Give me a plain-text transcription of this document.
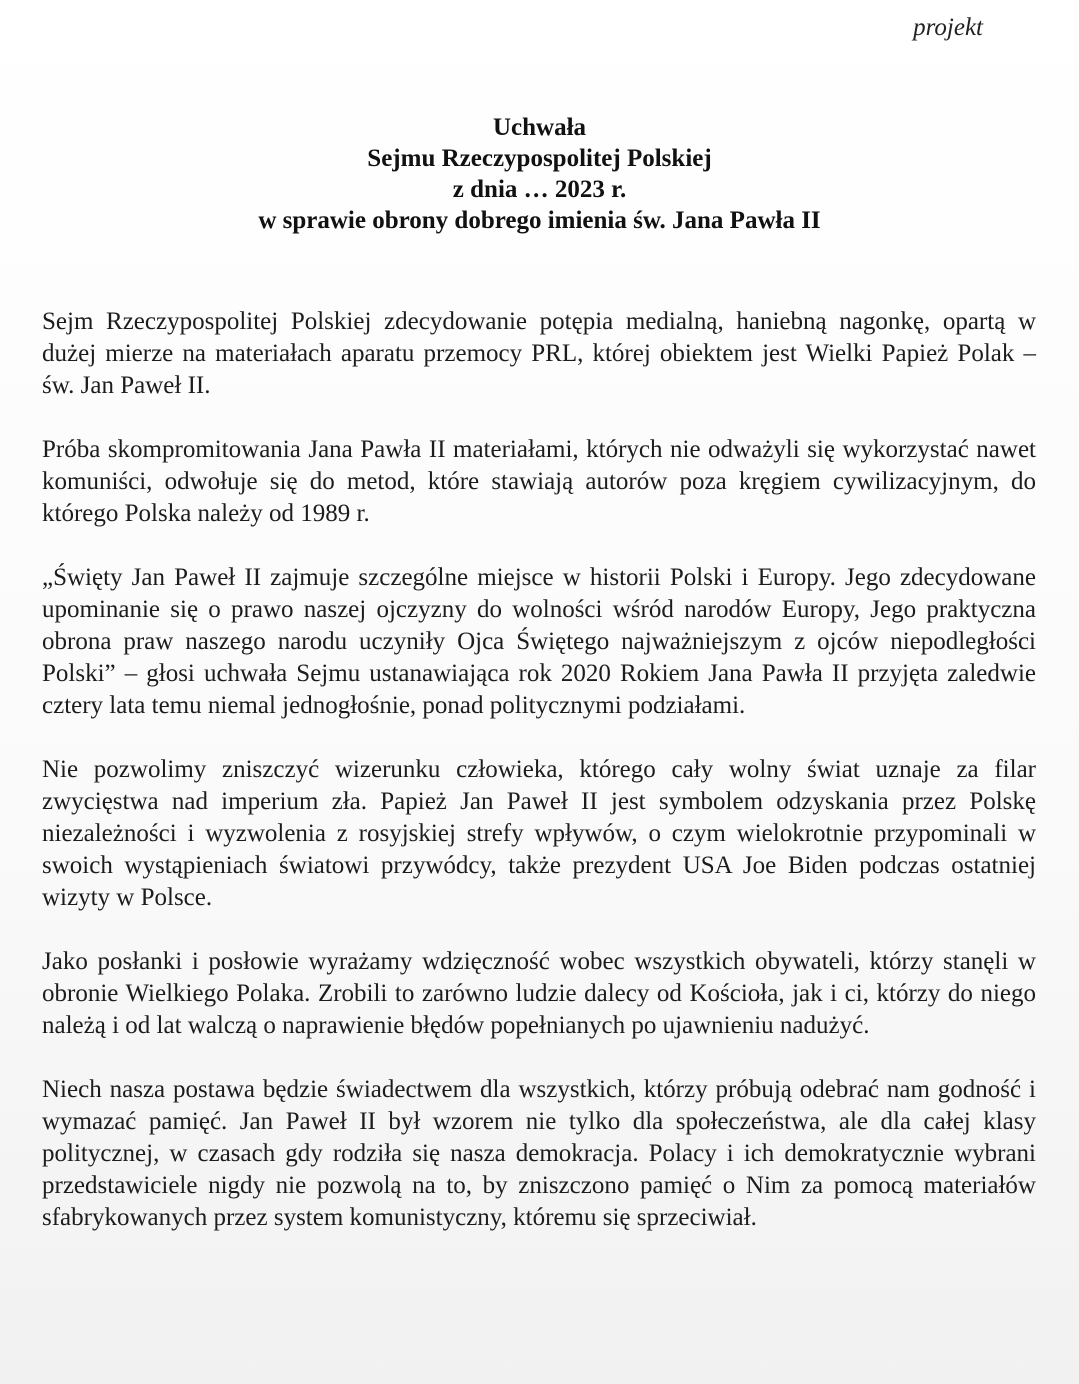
projekt
Uchwała
Sejmu Rzeczypospolitej Polskiej
z dnia … 2023 r.
w sprawie obrony dobrego imienia św. Jana Pawła II

Sejm Rzeczypospolitej Polskiej zdecydowanie potępia medialną, haniebną nagonkę, opartą w dużej mierze na materiałach aparatu przemocy PRL, której obiektem jest Wielki Papież Polak – św. Jan Paweł II.

Próba skompromitowania Jana Pawła II materiałami, których nie odważyli się wykorzystać nawet komuniści, odwołuje się do metod, które stawiają autorów poza kręgiem cywilizacyjnym, do którego Polska należy od 1989 r.

„Święty Jan Paweł II zajmuje szczególne miejsce w historii Polski i Europy. Jego zdecydowane upominanie się o prawo naszej ojczyzny do wolności wśród narodów Europy, Jego praktyczna obrona praw naszego narodu uczyniły Ojca Świętego najważniejszym z ojców niepodległości Polski” – głosi uchwała Sejmu ustanawiająca rok 2020 Rokiem Jana Pawła II przyjęta zaledwie cztery lata temu niemal jednogłośnie, ponad politycznymi podziałami.

Nie pozwolimy zniszczyć wizerunku człowieka, którego cały wolny świat uznaje za filar zwycięstwa nad imperium zła. Papież Jan Paweł II jest symbolem odzyskania przez Polskę niezależności i wyzwolenia z rosyjskiej strefy wpływów, o czym wielokrotnie przypominali w swoich wystąpieniach światowi przywódcy, także prezydent USA Joe Biden podczas ostatniej wizyty w Polsce.

Jako posłanki i posłowie wyrażamy wdzięczność wobec wszystkich obywateli, którzy stanęli w obronie Wielkiego Polaka. Zrobili to zarówno ludzie dalecy od Kościoła, jak i ci, którzy do niego należą i od lat walczą o naprawienie błędów popełnianych po ujawnieniu nadużyć.

Niech nasza postawa będzie świadectwem dla wszystkich, którzy próbują odebrać nam godność i wymazać pamięć. Jan Paweł II był wzorem nie tylko dla społeczeństwa, ale dla całej klasy politycznej, w czasach gdy rodziła się nasza demokracja. Polacy i ich demokratycznie wybrani przedstawiciele nigdy nie pozwolą na to, by zniszczono pamięć o Nim za pomocą materiałów sfabrykowanych przez system komunistyczny, któremu się sprzeciwiał.
